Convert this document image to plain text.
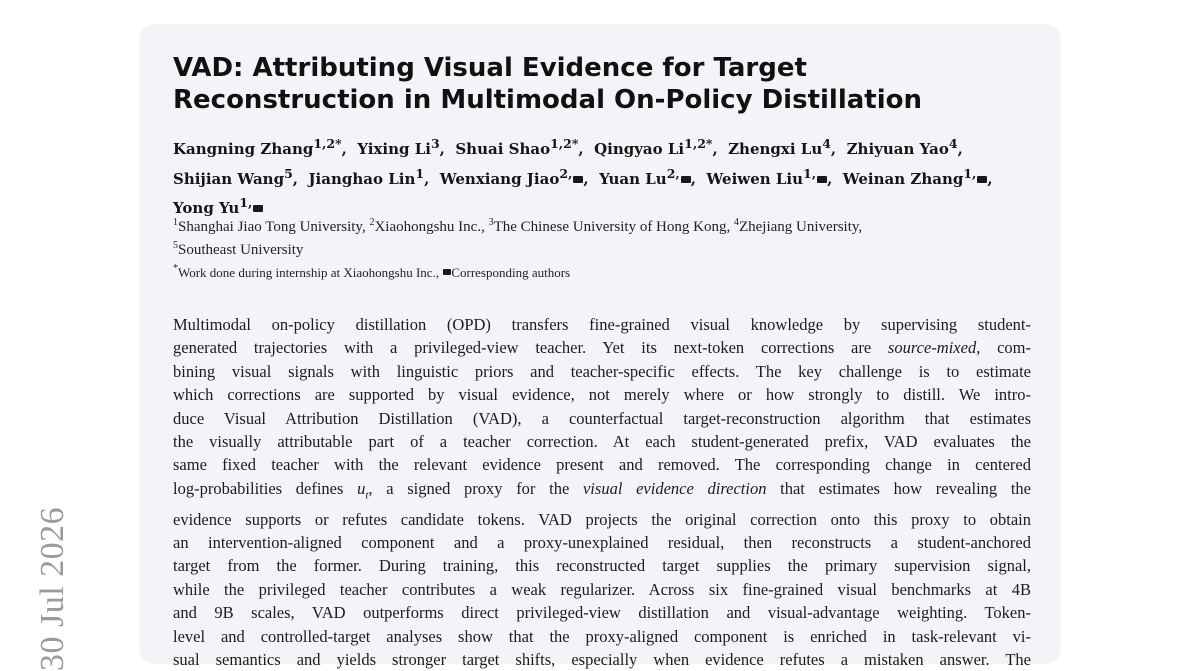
30 Jul 2026
VAD: Attributing Visual Evidence for Target
Reconstruction in Multimodal On-Policy Distillation
Kangning Zhang$^{1,2*}$,  Yixing Li$^3$,  Shuai Shao$^{1,2*}$,  Qingyao $Li^{1,2*}$,  Zhengxi Lu$^4$,  Zhiyuan Yao$^4$,
Shijian Wang$^5$,  Jianghao Lin$^1$,  Wenxiang Jiao$^{2,}$ ,  Yuan $Lu^{2,}$ ,  Weiwen Liu$^{1,}$ ,  Weinan Zhang$^{1,}$ ,
Yong $Yu^{1,}$
$^1$Shanghai Jiao Tong University, $^2$Xiaohongshu Inc., $^3$The Chinese University of Hong Kong, $^4$Zhejiang University,
$^5$Southeast University
*Work done during internship at Xiaohongshu Inc., Corresponding authors
Multimodal on-policy distillation (OPD) transfers fine-grained visual knowledge by supervising student-
generated trajectories with a privileged-view teacher. Yet its next-token corrections are source-mixed, com-
bining visual signals with linguistic priors and teacher-specific effects. The key challenge is to estimate
which corrections are supported by visual evidence, not merely where or how strongly to distill. We intro-
duce Visual Attribution Distillation (VAD), a counterfactual target-reconstruction algorithm that estimates
the visually attributable part of a teacher correction. At each student-generated prefix, VAD evaluates the
same fixed teacher with the relevant evidence present and removed. The corresponding change in centered
log-probabilities defines $u_t$, a signed proxy for the visual evidence direction that estimates how revealing the
evidence supports or refutes candidate tokens. VAD projects the original correction onto this proxy to obtain
an intervention-aligned component and a proxy-unexplained residual, then reconstructs a student-anchored
target from the former. During training, this reconstructed target supplies the primary supervision signal,
while the privileged teacher contributes a weak regularizer. Across six fine-grained visual benchmarks at 4B
and 9B scales, VAD outperforms direct privileged-view distillation and visual-advantage weighting. Token-
level and controlled-target analyses show that the proxy-aligned component is enriched in task-relevant vi-
sual semantics and yields stronger target shifts, especially when evidence refutes a mistaken answer. The
